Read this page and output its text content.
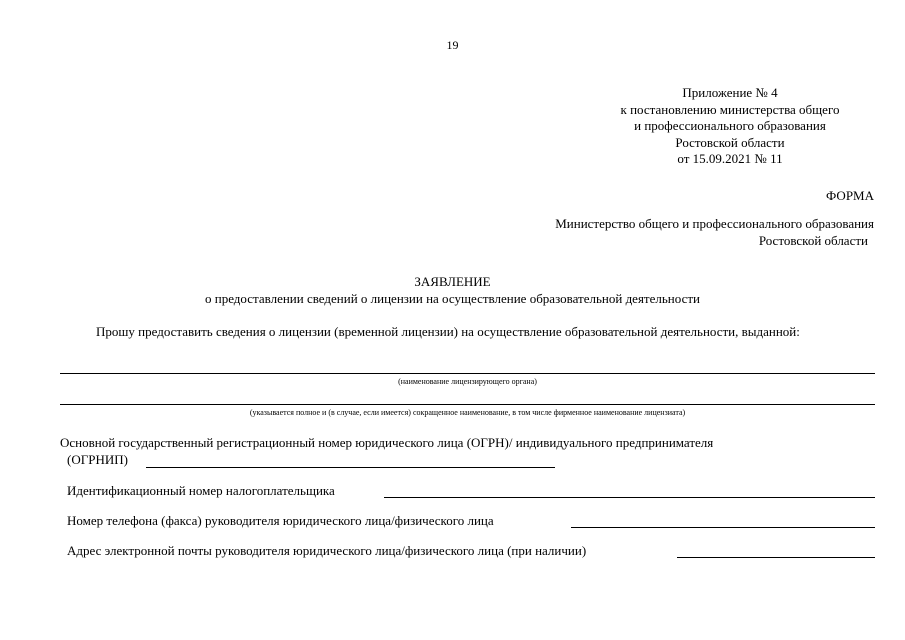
19
Приложение № 4
к постановлению министерства общего
и профессионального образования
Ростовской области
от 15.09.2021 № 11
ФОРМА
Министерство общего и профессионального образования
Ростовской области
ЗАЯВЛЕНИЕ
о предоставлении сведений о лицензии на осуществление образовательной деятельности
Прошу предоставить сведения о лицензии (временной лицензии) на осуществление образовательной деятельности, выданной:
(наименование лицензирующего органа)
(указывается полное и (в случае, если имеется) сокращенное наименование, в том числе фирменное наименование лицензиата)
Основной государственный регистрационный номер юридического лица (ОГРН)/ индивидуального предпринимателя
(ОГРНИП)
Идентификационный номер налогоплательщика
Номер телефона (факса) руководителя юридического лица/физического лица
Адрес электронной почты руководителя юридического лица/физического лица (при наличии)
